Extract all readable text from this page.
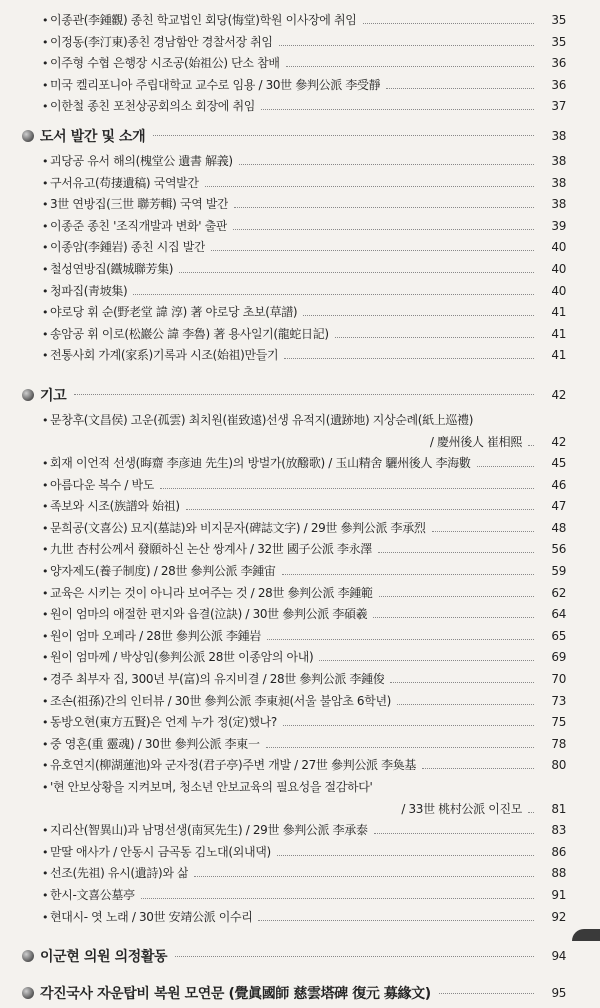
• 이종관(李鍾觀) 종친 학교법인 회당(悔堂)학원 이사장에 취임	35
• 이정동(李汀東)종친 경남함안 경찰서장 취임	35
• 이주형 수협 은행장 시조공(始祖公) 단소 참배	36
• 미국 켈리포니아 주립대학교 교수로 임용 / 30世 參判公派 李受靜	36
• 이한철 종친 포천상공회의소 회장에 취임	37
도서 발간 및 소개	38
• 괴당공 유서 해의(槐堂公 遺書 解義)	38
• 구서유고(苟捿遺稿) 국역발간	38
• 3世 연방집(三世 聯芳輯) 국역 발간	38
• 이종준 종친 '조직개발과 변화' 출판	39
• 이종암(李鍾岩) 종친 시집 발간	40
• 철성연방집(鐵城聯芳集)	40
• 청파집(靑坡集)	40
• 야로당 휘 순(野老堂 諱 淳) 著 야로당 초보(草譜)	41
• 송암공 휘 이로(松巖公 諱 李魯) 著 용사일기(龍蛇日記)	41
• 전통사회 가계(家系)기록과 시조(始祖)만들기	41
기고	42
• 문창후(文昌侯) 고운(孤雲) 최치원(崔致遠)선생 유적지(遺跡地) 지상순례(紙上巡禮)
/ 慶州後人 崔相熙	42
• 회재 이언적 선생(晦齋 李彦迪 先生)의 방벌가(放醱歌) / 玉山精舍 驪州後人 李海數	45
• 아름다운 복수 / 박도	46
• 족보와 시조(族譜와 始祖)	47
• 문희공(文喜公) 묘지(墓誌)와 비지문자(碑誌文字) / 29世 參判公派 李承烈	48
• 九世 杏村公께서 發願하신 논산 쌍계사 / 32世 國子公派 李永澤	56
• 양자제도(養子制度) / 28世 參判公派 李鍾宙	59
• 교육은 시키는 것이 아니라 보여주는 것 / 28世 參判公派 李鍾範	62
• 원이 엄마의 애절한 편지와 읍결(泣訣) / 30世 參判公派 李碩羲	64
• 원이 엄마 오페라 / 28世 參判公派 李鍾岩	65
• 원이 엄마께 / 박상임(參判公派 28世 이종암의 아내)	69
• 경주 최부자 집, 300년 부(富)의 유지비결 / 28世 參判公派 李鍾俊	70
• 조손(祖孫)간의 인터뷰 / 30世 參判公派 李東昶(서울 불암초 6학년)	73
• 동방오현(東方五賢)은 언제 누가 정(定)했나?	75
• 중 영혼(重 靈魂) / 30世 參判公派 李東一	78
• 유호연지(柳湖蓮池)와 군자정(君子亭)주변 개발 / 27世 參判公派 李奐基	80
• '현 안보상황을 지켜보며, 청소년 안보교육의 필요성을 절감하다'
/ 33世 桃村公派 이진모	81
• 지리산(智異山)과 남명선생(南冥先生) / 29世 參判公派 李承泰	83
• 맏딸 애사가 / 안동시 금곡동 김노대(외내댁)	86
• 선조(先祖) 유시(遺詩)와 삶	88
• 한시-文喜公墓亭	91
• 현대시- 엿 노래 / 30世 安靖公派 이수리	92
이군현 의원 의정활동	94
각진국사 자운탑비 복원 모연문 (覺眞國師 慈雲塔碑 復元 募緣文)	95
